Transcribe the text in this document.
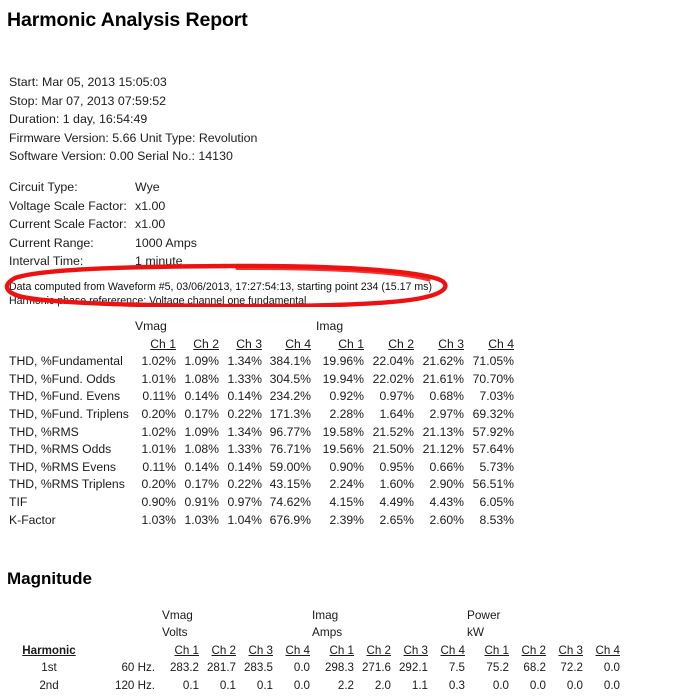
Harmonic Analysis Report
Start: Mar 05, 2013 15:05:03
Stop: Mar 07, 2013 07:59:52
Duration: 1 day, 16:54:49
Firmware Version: 5.66 Unit Type: Revolution
Software Version: 0.00 Serial No.: 14130
Circuit Type:	Wye
Voltage Scale Factor: x1.00
Current Scale Factor: x1.00
Current Range:	1000 Amps
Interval Time:	1 minute
Data computed from Waveform #5, 03/06/2013, 17:27:54:13, starting point 234 (15.17 ms)
Harmonic phase refererence: Voltage channel one fundamental
	Vmag					Imag			
	Ch 1	Ch 2	Ch 3	Ch 4		Ch 1	Ch 2	Ch 3	Ch 4
THD, %Fundamental	1.02%	1.09%	1.34%	384.1%		19.96%	22.04%	21.62%	71.05%
THD, %Fund. Odds	1.01%	1.08%	1.33%	304.5%		19.94%	22.02%	21.61%	70.70%
THD, %Fund. Evens	0.11%	0.14%	0.14%	234.2%		0.92%	0.97%	0.68%	7.03%
THD, %Fund. Triplens	0.20%	0.17%	0.22%	171.3%		2.28%	1.64%	2.97%	69.32%
THD, %RMS	1.02%	1.09%	1.34%	96.77%		19.58%	21.52%	21.13%	57.92%
THD, %RMS Odds	1.01%	1.08%	1.33%	76.71%		19.56%	21.50%	21.12%	57.64%
THD, %RMS Evens	0.11%	0.14%	0.14%	59.00%		0.90%	0.95%	0.66%	5.73%
THD, %RMS Triplens	0.20%	0.17%	0.22%	43.15%		2.24%	1.60%	2.90%	56.51%
TIF	0.90%	0.91%	0.97%	74.62%		4.15%	4.49%	4.43%	6.05%
K-Factor	1.03%	1.03%	1.04%	676.9%		2.39%	2.65%	2.60%	8.53%
Magnitude
		Vmag					Imag					Power			
		Volts					Amps					kW			
Harmonic		Ch 1	Ch 2	Ch 3	Ch 4		Ch 1	Ch 2	Ch 3	Ch 4		Ch 1	Ch 2	Ch 3	Ch 4
1st	60 Hz.	283.2	281.7	283.5	0.0		298.3	271.6	292.1	7.5		75.2	68.2	72.2	0.0
2nd	120 Hz.	0.1	0.1	0.1	0.0		2.2	2.0	1.1	0.3		0.0	0.0	0.0	0.0
